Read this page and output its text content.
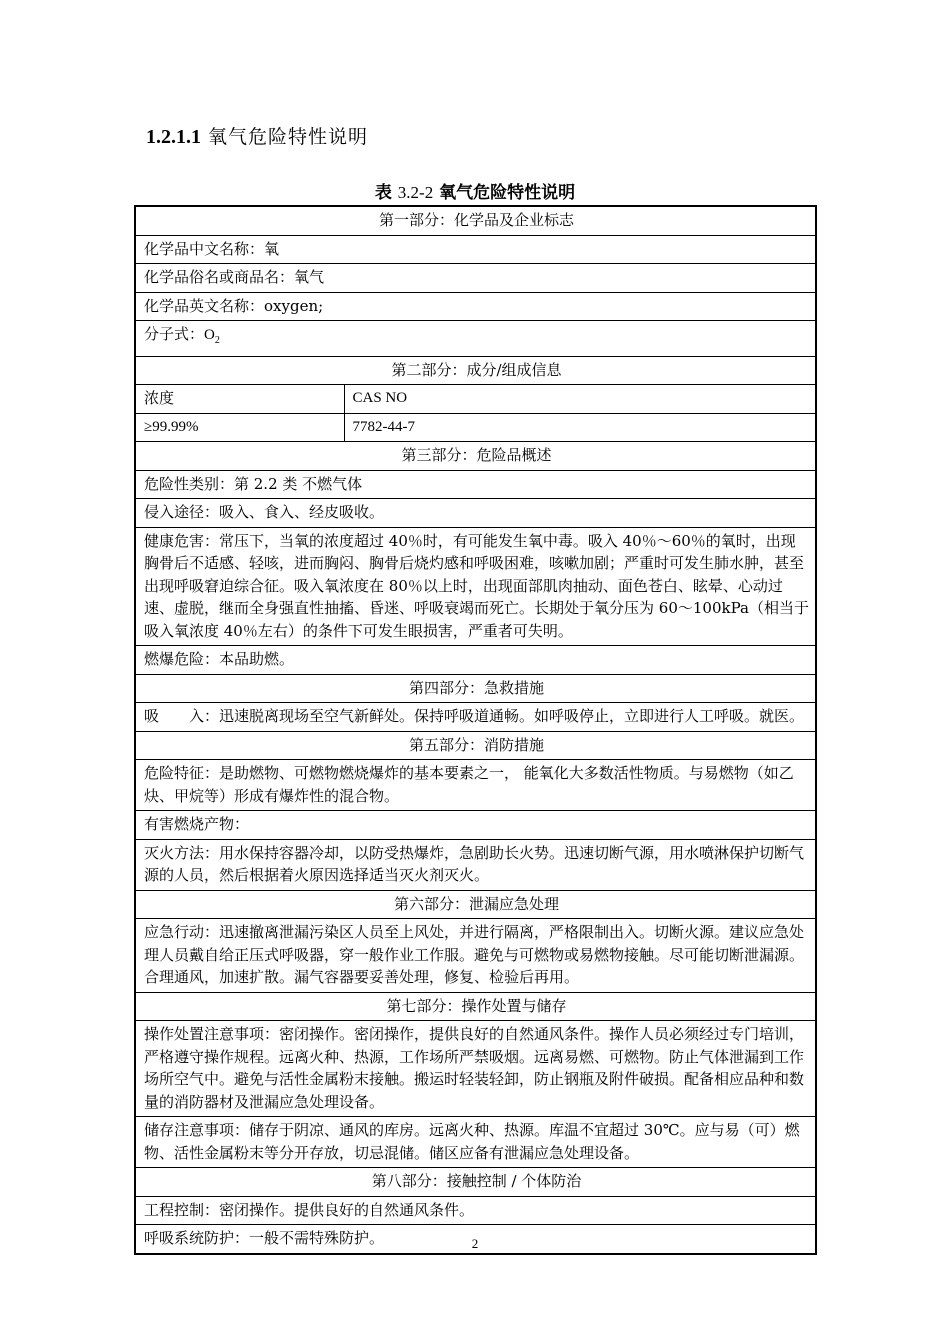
1.2.1.1 氧气危险特性说明
表 3.2-2 氧气危险特性说明
第一部分：化学品及企业标志	
化学品中文名称：氧	
化学品俗名或商品名：氧气	
化学品英文名称：oxygen;	
分子式：$O_2$
第二部分：成分/组成信息	
浓度	CAS NO
≥99.99%	7782-44-7
第三部分：危险品概述	
危险性类别：第 2.2 类 不燃气体	
侵入途径：吸入、食入、经皮吸收。	
健康危害：常压下，当氧的浓度超过 40％时，有可能发生氧中毒。吸入 40％～60％的氧时，出现胸骨后不适感、轻咳，进而胸闷、胸骨后烧灼感和呼吸困难，咳嗽加剧；严重时可发生肺水肿，甚至出现呼吸窘迫综合征。吸入氧浓度在 80％以上时，出现面部肌肉抽动、面色苍白、眩晕、心动过速、虚脱，继而全身强直性抽搐、昏迷、呼吸衰竭而死亡。长期处于氧分压为 60～100kPa（相当于吸入氧浓度 40％左右）的条件下可发生眼损害，严重者可失明。	
燃爆危险：本品助燃。	
第四部分：急救措施	
吸　　入：迅速脱离现场至空气新鲜处。保持呼吸道通畅。如呼吸停止，立即进行人工呼吸。就医。	
第五部分：消防措施	
危险特征：是助燃物、可燃物燃烧爆炸的基本要素之一， 能氧化大多数活性物质。与易燃物（如乙炔、甲烷等）形成有爆炸性的混合物。	
有害燃烧产物：	
灭火方法：用水保持容器冷却，以防受热爆炸，急剧助长火势。迅速切断气源，用水喷淋保护切断气源的人员，然后根据着火原因选择适当灭火剂灭火。	
第六部分：泄漏应急处理	
应急行动：迅速撤离泄漏污染区人员至上风处，并进行隔离，严格限制出入。切断火源。建议应急处理人员戴自给正压式呼吸器，穿一般作业工作服。避免与可燃物或易燃物接触。尽可能切断泄漏源。合理通风，加速扩散。漏气容器要妥善处理，修复、检验后再用。	
第七部分：操作处置与储存	
操作处置注意事项：密闭操作。密闭操作，提供良好的自然通风条件。操作人员必须经过专门培训，严格遵守操作规程。远离火种、热源，工作场所严禁吸烟。远离易燃、可燃物。防止气体泄漏到工作场所空气中。避免与活性金属粉末接触。搬运时轻装轻卸，防止钢瓶及附件破损。配备相应品种和数量的消防器材及泄漏应急处理设备。	
储存注意事项：储存于阴凉、通风的库房。远离火种、热源。库温不宜超过 30℃。应与易（可）燃物、活性金属粉末等分开存放，切忌混储。储区应备有泄漏应急处理设备。	
第八部分：接触控制 / 个体防治	
工程控制：密闭操作。提供良好的自然通风条件。	
呼吸系统防护：一般不需特殊防护。		2
